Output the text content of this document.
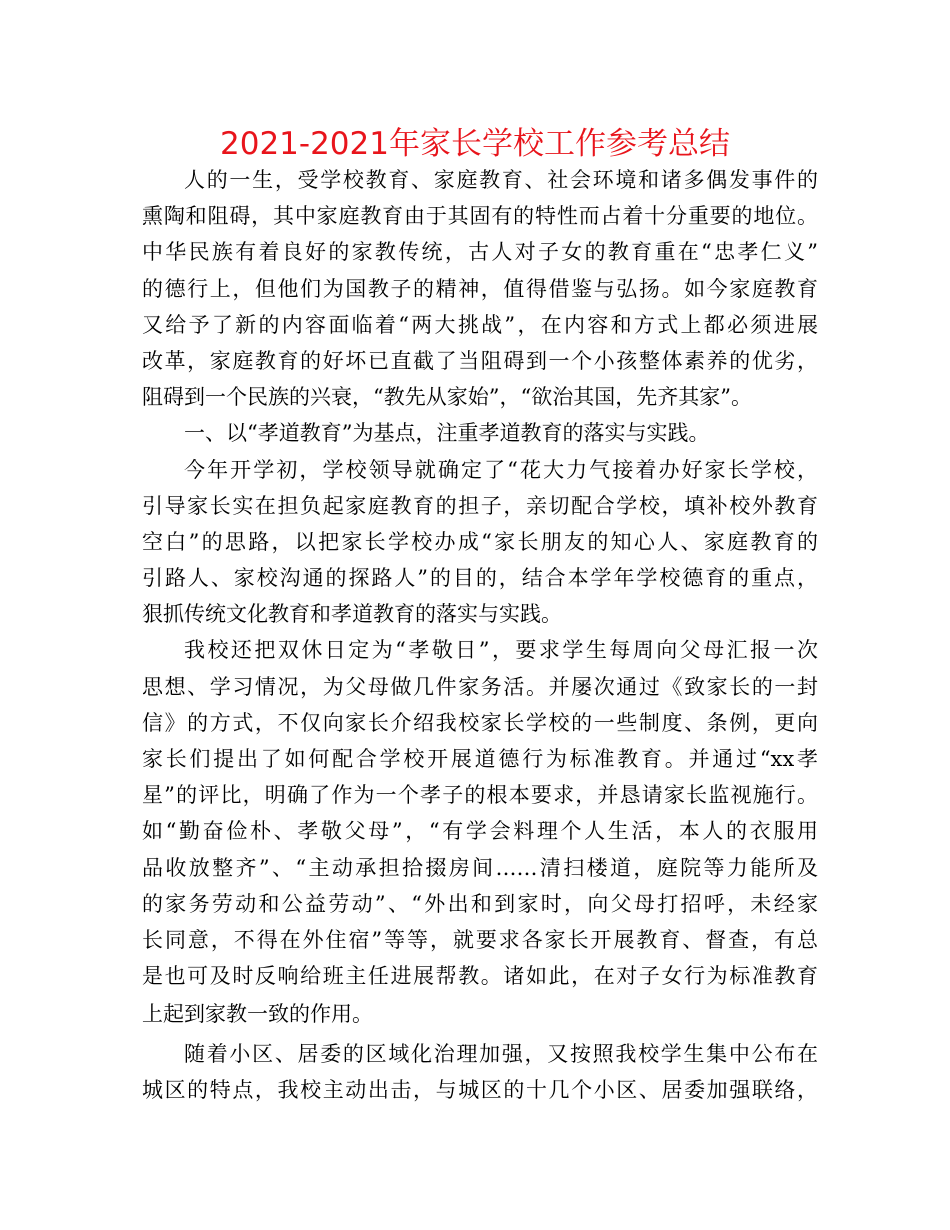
2021-2021年家长学校工作参考总结
人的一生，受学校教育、家庭教育、社会环境和诸多偶发事件的
熏陶和阻碍，其中家庭教育由于其固有的特性而占着十分重要的地位。
中华民族有着良好的家教传统，古人对子女的教育重在“忠孝仁义”
的德行上，但他们为国教子的精神，值得借鉴与弘扬。如今家庭教育
又给予了新的内容面临着“两大挑战”，在内容和方式上都必须进展
改革，家庭教育的好坏已直截了当阻碍到一个小孩整体素养的优劣，
阻碍到一个民族的兴衰，“教先从家始”，“欲治其国，先齐其家”。
一、以“孝道教育”为基点，注重孝道教育的落实与实践。
今年开学初，学校领导就确定了“花大力气接着办好家长学校，
引导家长实在担负起家庭教育的担子，亲切配合学校，填补校外教育
空白”的思路，以把家长学校办成“家长朋友的知心人、家庭教育的
引路人、家校沟通的探路人”的目的，结合本学年学校德育的重点，
狠抓传统文化教育和孝道教育的落实与实践。
我校还把双休日定为“孝敬日”，要求学生每周向父母汇报一次
思想、学习情况，为父母做几件家务活。并屡次通过《致家长的一封
信》的方式，不仅向家长介绍我校家长学校的一些制度、条例，更向
家长们提出了如何配合学校开展道德行为标准教育。并通过“xx孝
星”的评比，明确了作为一个孝子的根本要求，并恳请家长监视施行。
如“勤奋俭朴、孝敬父母”，“有学会料理个人生活，本人的衣服用
品收放整齐”、“主动承担拾掇房间……清扫楼道，庭院等力能所及
的家务劳动和公益劳动”、“外出和到家时，向父母打招呼，未经家
长同意，不得在外住宿”等等，就要求各家长开展教育、督查，有总
是也可及时反响给班主任进展帮教。诸如此，在对子女行为标准教育
上起到家教一致的作用。
随着小区、居委的区域化治理加强，又按照我校学生集中公布在
城区的特点，我校主动出击，与城区的十几个小区、居委加强联络，
